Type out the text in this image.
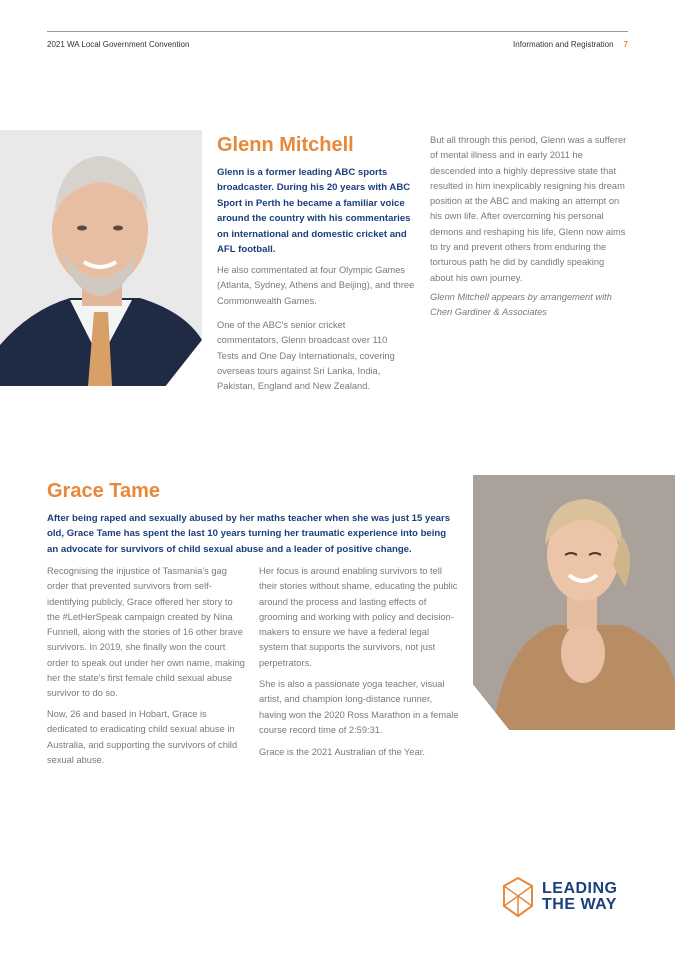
2021 WA Local Government Convention	Information and Registration 7
Glenn Mitchell

Glenn is a former leading ABC sports broadcaster. During his 20 years with ABC Sport in Perth he became a familiar voice around the country with his commentaries on international and domestic cricket and AFL football.

He also commentated at four Olympic Games (Atlanta, Sydney, Athens and Beijing), and three Commonwealth Games.

One of the ABC's senior cricket commentators, Glenn broadcast over 110 Tests and One Day Internationals, covering overseas tours against Sri Lanka, India, Pakistan, England and New Zealand.

But all through this period, Glenn was a sufferer of mental illness and in early 2011 he descended into a highly depressive state that resulted in him inexplicably resigning his dream position at the ABC and making an attempt on his own life. After overcoming his personal demons and reshaping his life, Glenn now aims to try and prevent others from enduring the torturous path he did by candidly speaking about his own journey.

Glenn Mitchell appears by arrangement with Cheri Gardiner & Associates

Grace Tame

After being raped and sexually abused by her maths teacher when she was just 15 years old, Grace Tame has spent the last 10 years turning her traumatic experience into being an advocate for survivors of child sexual abuse and a leader of positive change.

Recognising the injustice of Tasmania's gag order that prevented survivors from self-identifying publicly, Grace offered her story to the #LetHerSpeak campaign created by Nina Funnell, along with the stories of 16 other brave survivors. In 2019, she finally won the court order to speak out under her own name, making her the state's first female child sexual abuse survivor to do so.

Now, 26 and based in Hobart, Grace is dedicated to eradicating child sexual abuse in Australia, and supporting the survivors of child sexual abuse.

Her focus is around enabling survivors to tell their stories without shame, educating the public around the process and lasting effects of grooming and working with policy and decision-makers to ensure we have a federal legal system that supports the survivors, not just perpetrators.

She is also a passionate yoga teacher, visual artist, and champion long-distance runner, having won the 2020 Ross Marathon in a female course record time of 2:59:31.

Grace is the 2021 Australian of the Year.

LEADING
THE WAY
